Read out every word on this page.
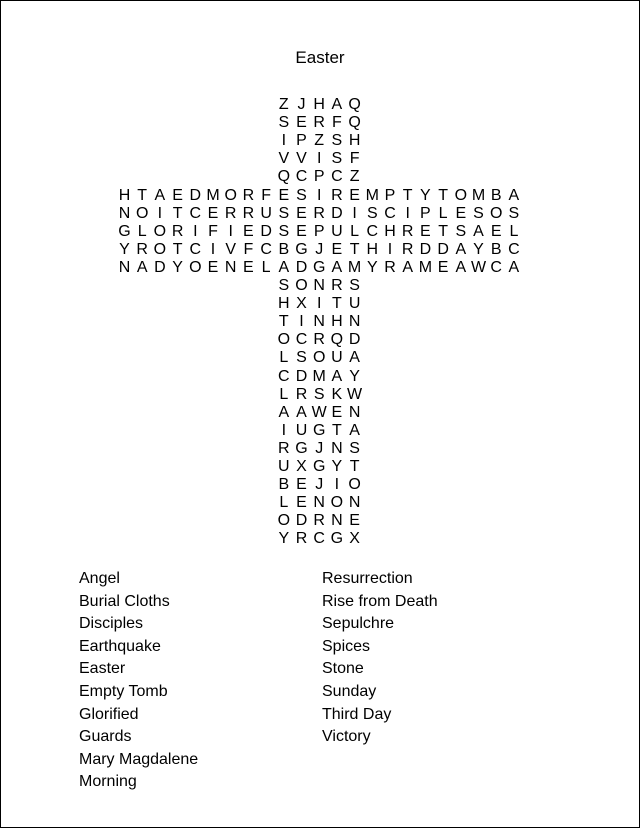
Easter
Z J H A Q
S E R F Q
I P Z S H
V V I S F
Q C P C Z
H T A E D M O R F E S I R E M P T Y T O M B A
N O I T C E R R U S E R D I S C I P L E S O S
G L O R I F I E D S E P U L C H R E T S A E L
Y R O T C I V F C B G J E T H I R D D A Y B C
N A D Y O E N E L A D G A M Y R A M E A W C A
S O N R S
H X I T U
T I N H N
O C R Q D
L S O U A
C D M A Y
L R S K W
A A W E N
I U G T A
R G J N S
U X G Y T
B E J I O
L E N O N
O D R N E
Y R C G X
Angel
Burial Cloths
Disciples
Earthquake
Easter
Empty Tomb
Glorified
Guards
Mary Magdalene
Morning
Resurrection
Rise from Death
Sepulchre
Spices
Stone
Sunday
Third Day
Victory
